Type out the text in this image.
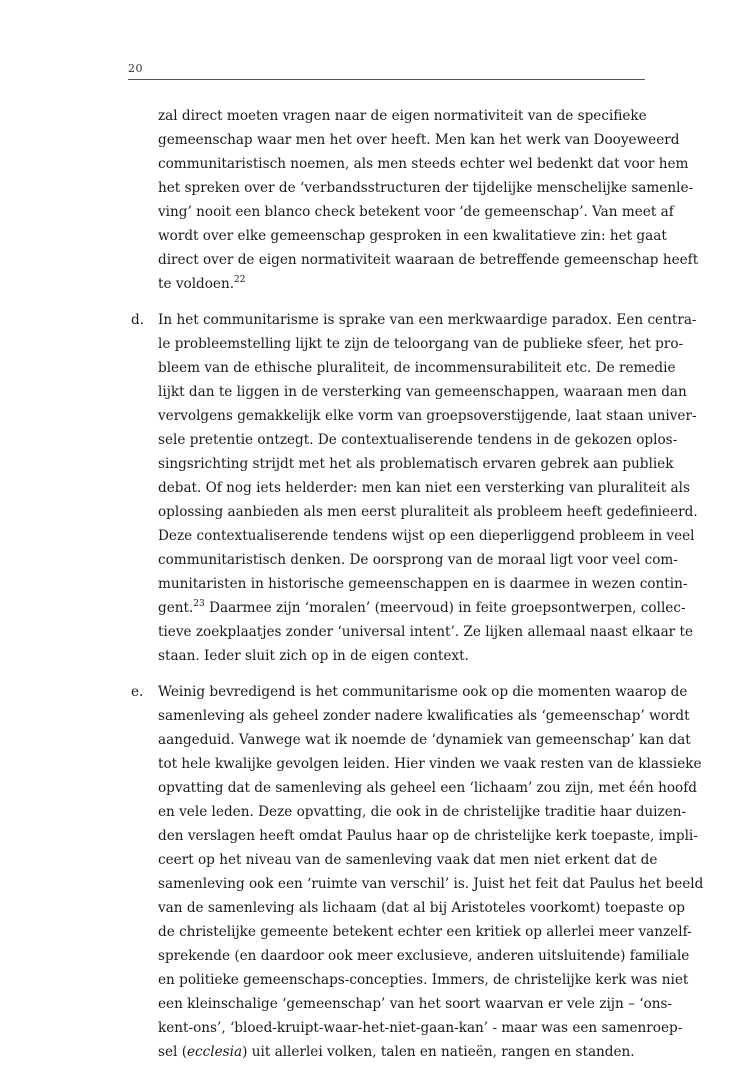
20
zal direct moeten vragen naar de eigen normativiteit van de specifieke
gemeenschap waar men het over heeft. Men kan het werk van Dooyeweerd
communitaristisch noemen, als men steeds echter wel bedenkt dat voor hem
het spreken over de ‘verbandsstructuren der tijdelijke menschelijke samenle-
ving’ nooit een blanco check betekent voor ‘de gemeenschap’. Van meet af
wordt over elke gemeenschap gesproken in een kwalitatieve zin: het gaat
direct over de eigen normativiteit waaraan de betreffende gemeenschap heeft
te voldoen.$^{22}$
d. In het communitarisme is sprake van een merkwaardige paradox. Een centra-
le probleemstelling lijkt te zijn de teloorgang van de publieke sfeer, het pro-
bleem van de ethische pluraliteit, de incommensurabiliteit etc. De remedie
lijkt dan te liggen in de versterking van gemeenschappen, waaraan men dan
vervolgens gemakkelijk elke vorm van groepsoverstijgende, laat staan univer-
sele pretentie ontzegt. De contextualiserende tendens in de gekozen oplos-
singsrichting strijdt met het als problematisch ervaren gebrek aan publiek
debat. Of nog iets helderder: men kan niet een versterking van pluraliteit als
oplossing aanbieden als men eerst pluraliteit als probleem heeft gedefinieerd.
Deze contextualiserende tendens wijst op een dieperliggend probleem in veel
communitaristisch denken. De oorsprong van de moraal ligt voor veel com-
munitaristen in historische gemeenschappen en is daarmee in wezen contin-
gent.$^{23}$ Daarmee zijn ‘moralen’ (meervoud) in feite groepsontwerpen, collec-
tieve zoekplaatjes zonder ‘universal intent’. Ze lijken allemaal naast elkaar te
staan. Ieder sluit zich op in de eigen context.
e. Weinig bevredigend is het communitarisme ook op die momenten waarop de
samenleving als geheel zonder nadere kwalificaties als ‘gemeenschap’ wordt
aangeduid. Vanwege wat ik noemde de ‘dynamiek van gemeenschap’ kan dat
tot hele kwalijke gevolgen leiden. Hier vinden we vaak resten van de klassieke
opvatting dat de samenleving als geheel een ‘lichaam’ zou zijn, met één hoofd
en vele leden. Deze opvatting, die ook in de christelijke traditie haar duizen-
den verslagen heeft omdat Paulus haar op de christelijke kerk toepaste, impli-
ceert op het niveau van de samenleving vaak dat men niet erkent dat de
samenleving ook een ‘ruimte van verschil’ is. Juist het feit dat Paulus het beeld
van de samenleving als lichaam (dat al bij Aristoteles voorkomt) toepaste op
de christelijke gemeente betekent echter een kritiek op allerlei meer vanzelf-
sprekende (en daardoor ook meer exclusieve, anderen uitsluitende) familiale
en politieke gemeenschaps-concepties. Immers, de christelijke kerk was niet
een kleinschalige ‘gemeenschap’ van het soort waarvan er vele zijn – ‘ons-
kent-ons’, ‘bloed-kruipt-waar-het-niet-gaan-kan’ - maar was een samenroep-
sel (ecclesia) uit allerlei volken, talen en natieën, rangen en standen.
